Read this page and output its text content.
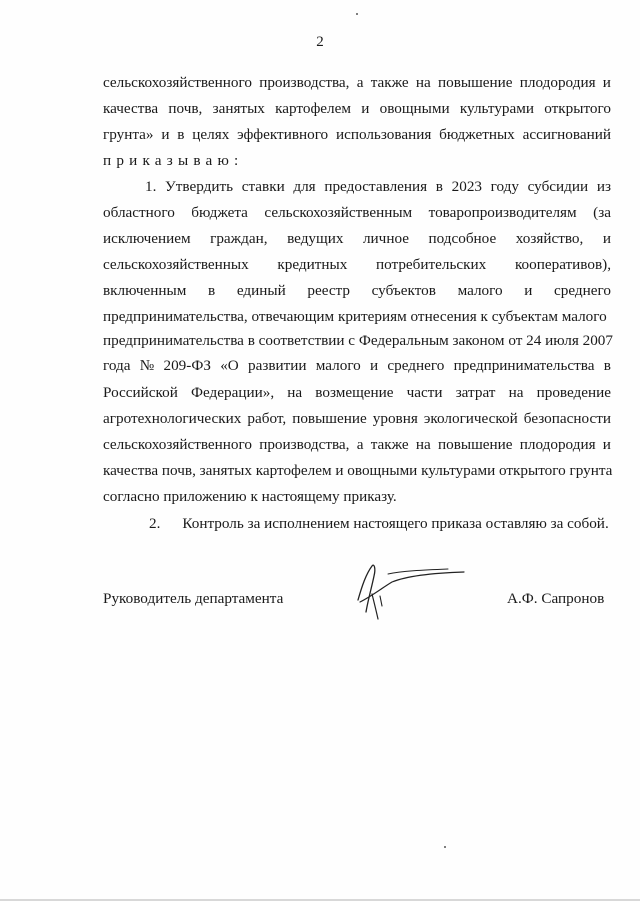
2
сельскохозяйственного производства, а также на повышение плодородия и
качества почв, занятых картофелем и овощными культурами открытого
грунта» и в целях эффективного использования бюджетных ассигнований
приказываю:
1. Утвердить ставки для предоставления в 2023 году субсидии из
областного бюджета сельскохозяйственным товаропроизводителям (за
исключением граждан, ведущих личное подсобное хозяйство, и
сельскохозяйственных кредитных потребительских кооперативов),
включенным в единый реестр субъектов малого и среднего
предпринимательства, отвечающим критериям отнесения к субъектам малого
предпринимательства в соответствии с Федеральным законом от 24 июля 2007
года № 209-ФЗ «О развитии малого и среднего предпринимательства в
Российской Федерации», на возмещение части затрат на проведение
агротехнологических работ, повышение уровня экологической безопасности
сельскохозяйственного производства, а также на повышение плодородия и
качества почв, занятых картофелем и овощными культурами открытого грунта
согласно приложению к настоящему приказу.
2. Контроль за исполнением настоящего приказа оставляю за собой.
Руководитель департамента	А.Ф. Сапронов
